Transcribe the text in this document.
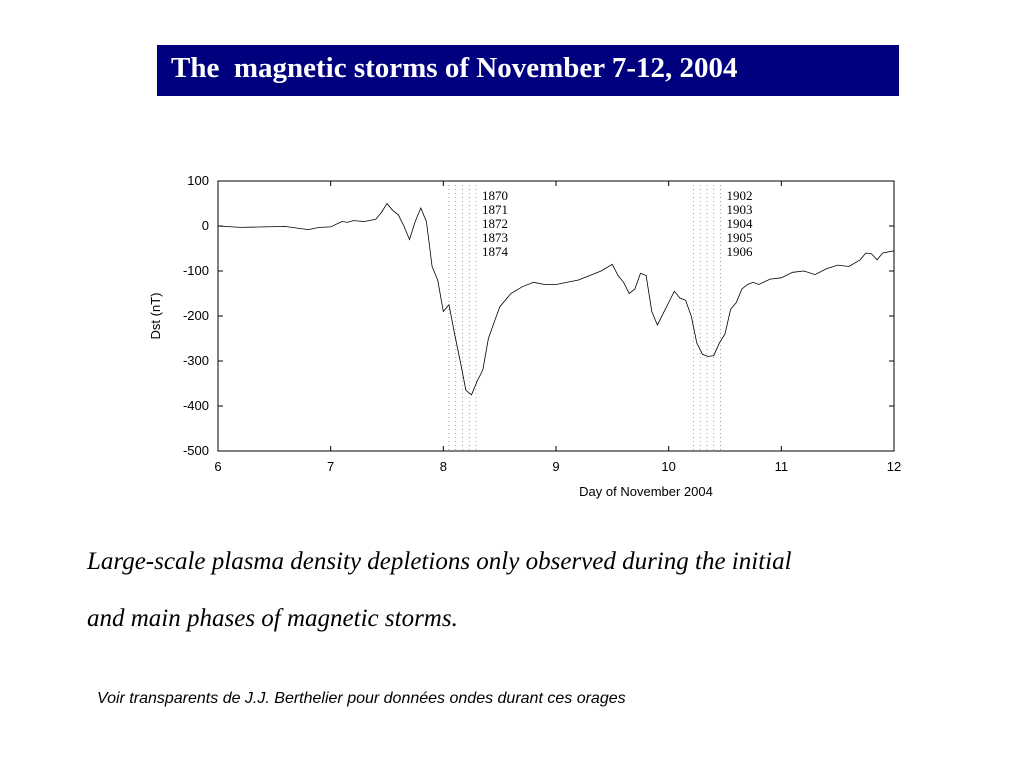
The  magnetic storms of November 7-12, 2004
100
0
-100
-200
-300
-400
-500
6	7	8	9	10	11	12
1870
1871
1872
1873
1874
1902
1903
1904
1905
1906
Day of November 2004
Dst (nT)
Large-scale plasma density depletions only observed during the initial
and main phases of magnetic storms.
Voir transparents de J.J. Berthelier pour données ondes durant ces orages
